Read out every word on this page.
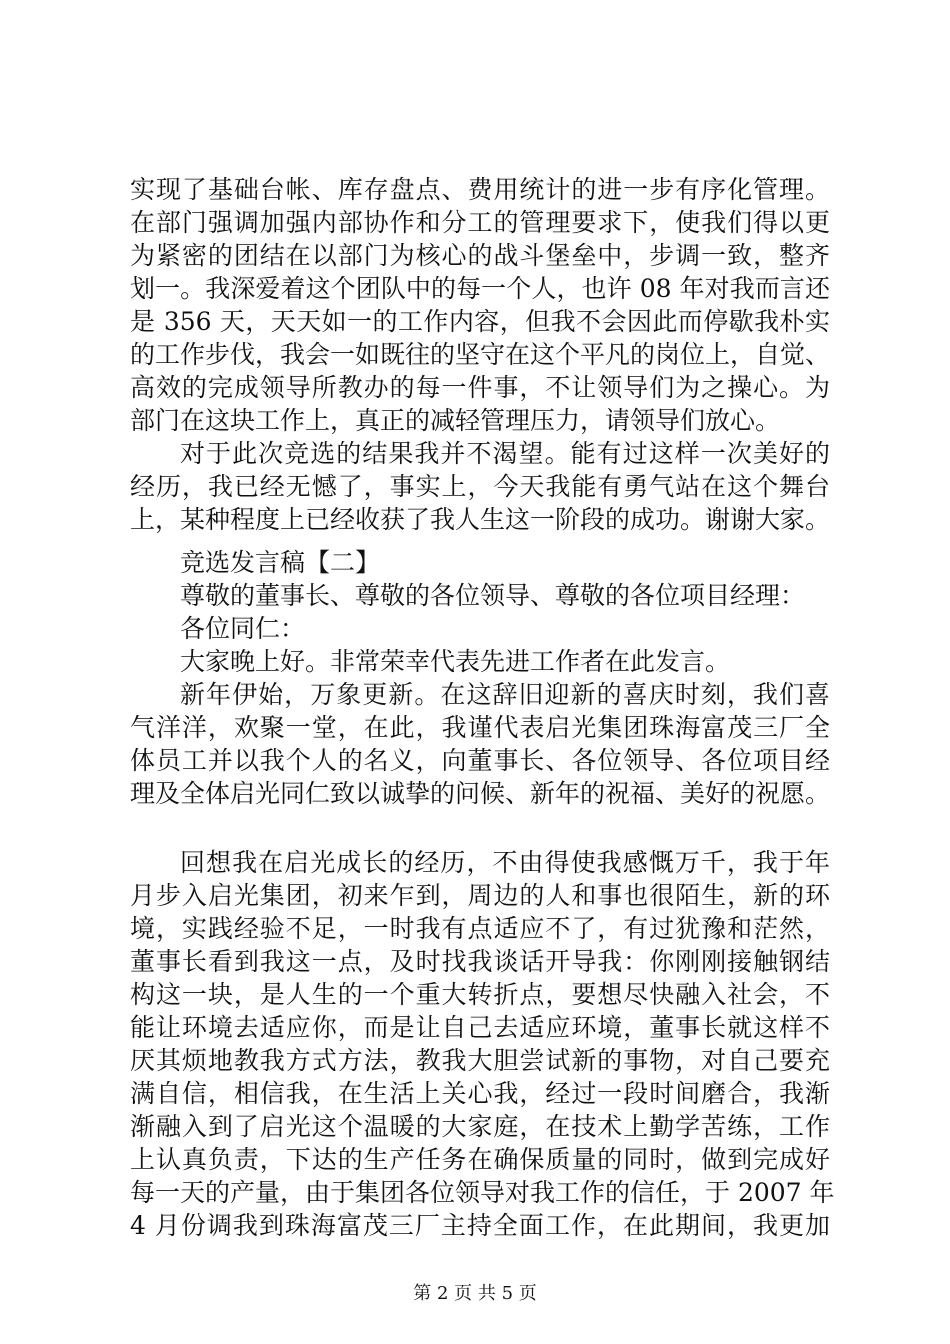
实现了基础台帐、库存盘点、费用统计的进一步有序化管理。

在部门强调加强内部协作和分工的管理要求下，使我们得以更

为紧密的团结在以部门为核心的战斗堡垒中，步调一致，整齐

划一。我深爱着这个团队中的每一个人，也许 08 年对我而言还

是 356 天，天天如一的工作内容，但我不会因此而停歇我朴实

的工作步伐，我会一如既往的坚守在这个平凡的岗位上，自觉、

高效的完成领导所教办的每一件事，不让领导们为之操心。为

部门在这块工作上，真正的减轻管理压力，请领导们放心。

对于此次竞选的结果我并不渴望。能有过这样一次美好的

经历，我已经无憾了，事实上，今天我能有勇气站在这个舞台

上，某种程度上已经收获了我人生这一阶段的成功。谢谢大家。

竞选发言稿【二】

尊敬的董事长、尊敬的各位领导、尊敬的各位项目经理：

各位同仁：

大家晚上好。非常荣幸代表先进工作者在此发言。

新年伊始，万象更新。在这辞旧迎新的喜庆时刻，我们喜

气洋洋，欢聚一堂，在此，我谨代表启光集团珠海富茂三厂全

体员工并以我个人的名义，向董事长、各位领导、各位项目经

理及全体启光同仁致以诚挚的问候、新年的祝福、美好的祝愿。

回想我在启光成长的经历，不由得使我感慨万千，我于年

月步入启光集团，初来乍到，周边的人和事也很陌生，新的环

境，实践经验不足，一时我有点适应不了，有过犹豫和茫然，

董事长看到我这一点，及时找我谈话开导我：你刚刚接触钢结

构这一块，是人生的一个重大转折点，要想尽快融入社会，不

能让环境去适应你，而是让自己去适应环境，董事长就这样不

厌其烦地教我方式方法，教我大胆尝试新的事物，对自己要充

满自信，相信我，在生活上关心我，经过一段时间磨合，我渐

渐融入到了启光这个温暖的大家庭，在技术上勤学苦练，工作

上认真负责，下达的生产任务在确保质量的同时，做到完成好

每一天的产量，由于集团各位领导对我工作的信任，于 2007 年

4 月份调我到珠海富茂三厂主持全面工作，在此期间，我更加

第 2 页 共 5 页
